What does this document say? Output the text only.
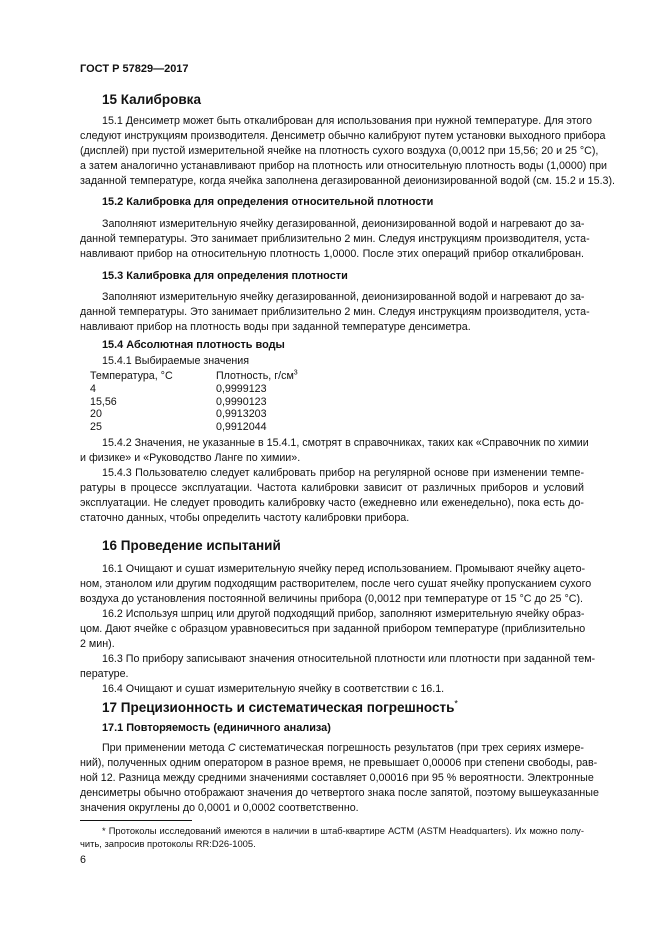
ГОСТ Р 57829—2017
15 Калибровка
15.1 Денсиметр может быть откалиброван для использования при нужной температуре. Для этого
следуют инструкциям производителя. Денсиметр обычно калибруют путем установки выходного прибора
(дисплей) при пустой измерительной ячейке на плотность сухого воздуха (0,0012 при 15,56; 20 и 25 °C),
а затем аналогично устанавливают прибор на плотность или относительную плотность воды (1,0000) при
заданной температуре, когда ячейка заполнена дегазированной деионизированной водой (см. 15.2 и 15.3).
15.2 Калибровка для определения относительной плотности
Заполняют измерительную ячейку дегазированной, деионизированной водой и нагревают до за-
данной температуры. Это занимает приблизительно 2 мин. Следуя инструкциям производителя, уста-
навливают прибор на относительную плотность 1,0000. После этих операций прибор откалиброван.
15.3 Калибровка для определения плотности
Заполняют измерительную ячейку дегазированной, деионизированной водой и нагревают до за-
данной температуры. Это занимает приблизительно 2 мин. Следуя инструкциям производителя, уста-
навливают прибор на плотность воды при заданной температуре денсиметра.
15.4 Абсолютная плотность воды
15.4.1 Выбираемые значения
Температура, °C	Плотность, $г/см^3$
4	0,9999123
15,56	0,9990123
20	0,9913203
25	0,9912044
15.4.2 Значения, не указанные в 15.4.1, смотрят в справочниках, таких как «Справочник по химии
и физике» и «Руководство Ланге по химии».
15.4.3 Пользователю следует калибровать прибор на регулярной основе при изменении темпе-
ратуры в процессе эксплуатации. Частота калибровки зависит от различных приборов и условий
эксплуатации. Не следует проводить калибровку часто (ежедневно или еженедельно), пока есть до-
статочно данных, чтобы определить частоту калибровки прибора.
16 Проведение испытаний
16.1 Очищают и сушат измерительную ячейку перед использованием. Промывают ячейку ацето-
ном, этанолом или другим подходящим растворителем, после чего сушат ячейку пропусканием сухого
воздуха до установления постоянной величины прибора (0,0012 при температуре от 15 °C до 25 °C).
16.2 Используя шприц или другой подходящий прибор, заполняют измерительную ячейку образ-
цом. Дают ячейке с образцом уравновеситься при заданной прибором температуре (приблизительно
2 мин).
16.3 По прибору записывают значения относительной плотности или плотности при заданной тем-
пературе.
16.4 Очищают и сушат измерительную ячейку в соответствии с 16.1.
17 Прецизионность и систематическая погрешность*
17.1 Повторяемость (единичного анализа)
При применении метода C систематическая погрешность результатов (при трех сериях измере-
ний), полученных одним оператором в разное время, не превышает 0,00006 при степени свободы, рав-
ной 12. Разница между средними значениями составляет 0,00016 при 95 % вероятности. Электронные
денсиметры обычно отображают значения до четвертого знака после запятой, поэтому вышеуказанные
значения округлены до 0,0001 и 0,0002 соответственно.
* Протоколы исследований имеются в наличии в штаб-квартире АСТМ (ASTM Headquarters). Их можно полу-
чить, запросив протоколы RR:D26-1005.
6
